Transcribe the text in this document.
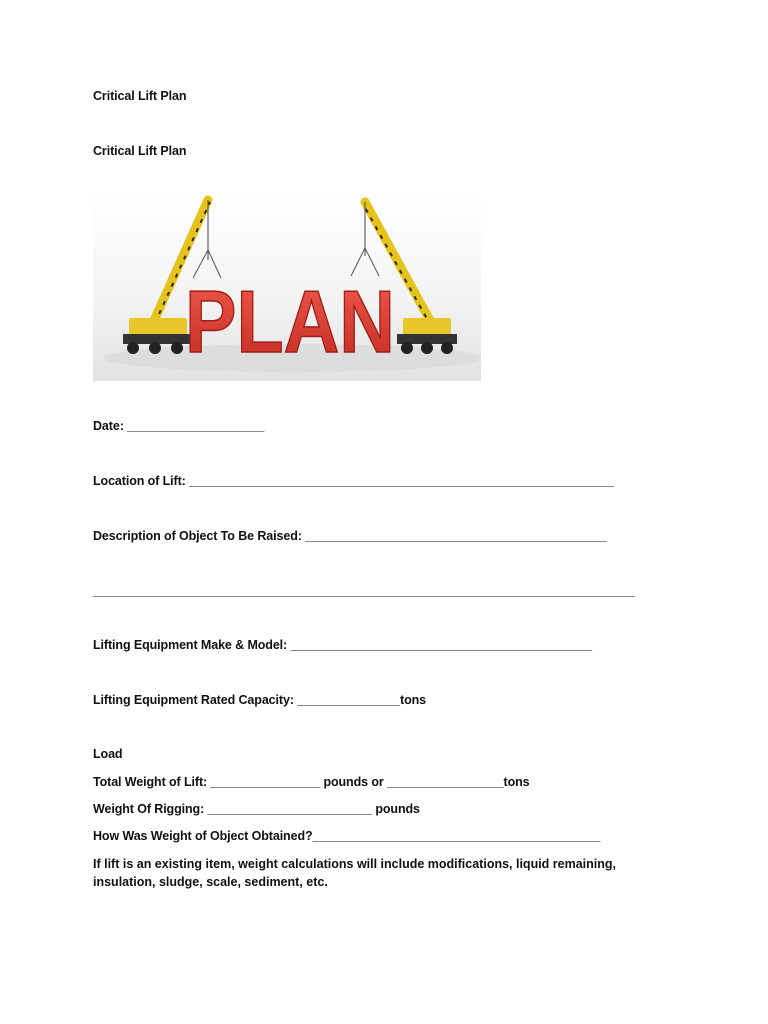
Critical Lift Plan
Critical Lift Plan
PLAN
Date: ____________________
Location of Lift: ______________________________________________________________
Description of Object To Be Raised: ____________________________________________
_______________________________________________________________________________
Lifting Equipment Make & Model: ____________________________________________
Lifting Equipment Rated Capacity: _______________tons
Load
Total Weight of Lift: ________________ pounds or _________________tons
Weight Of Rigging: ________________________ pounds
How Was Weight of Object Obtained?__________________________________________
If lift is an existing item, weight calculations will include modifications, liquid remaining, insulation, sludge, scale, sediment, etc.
